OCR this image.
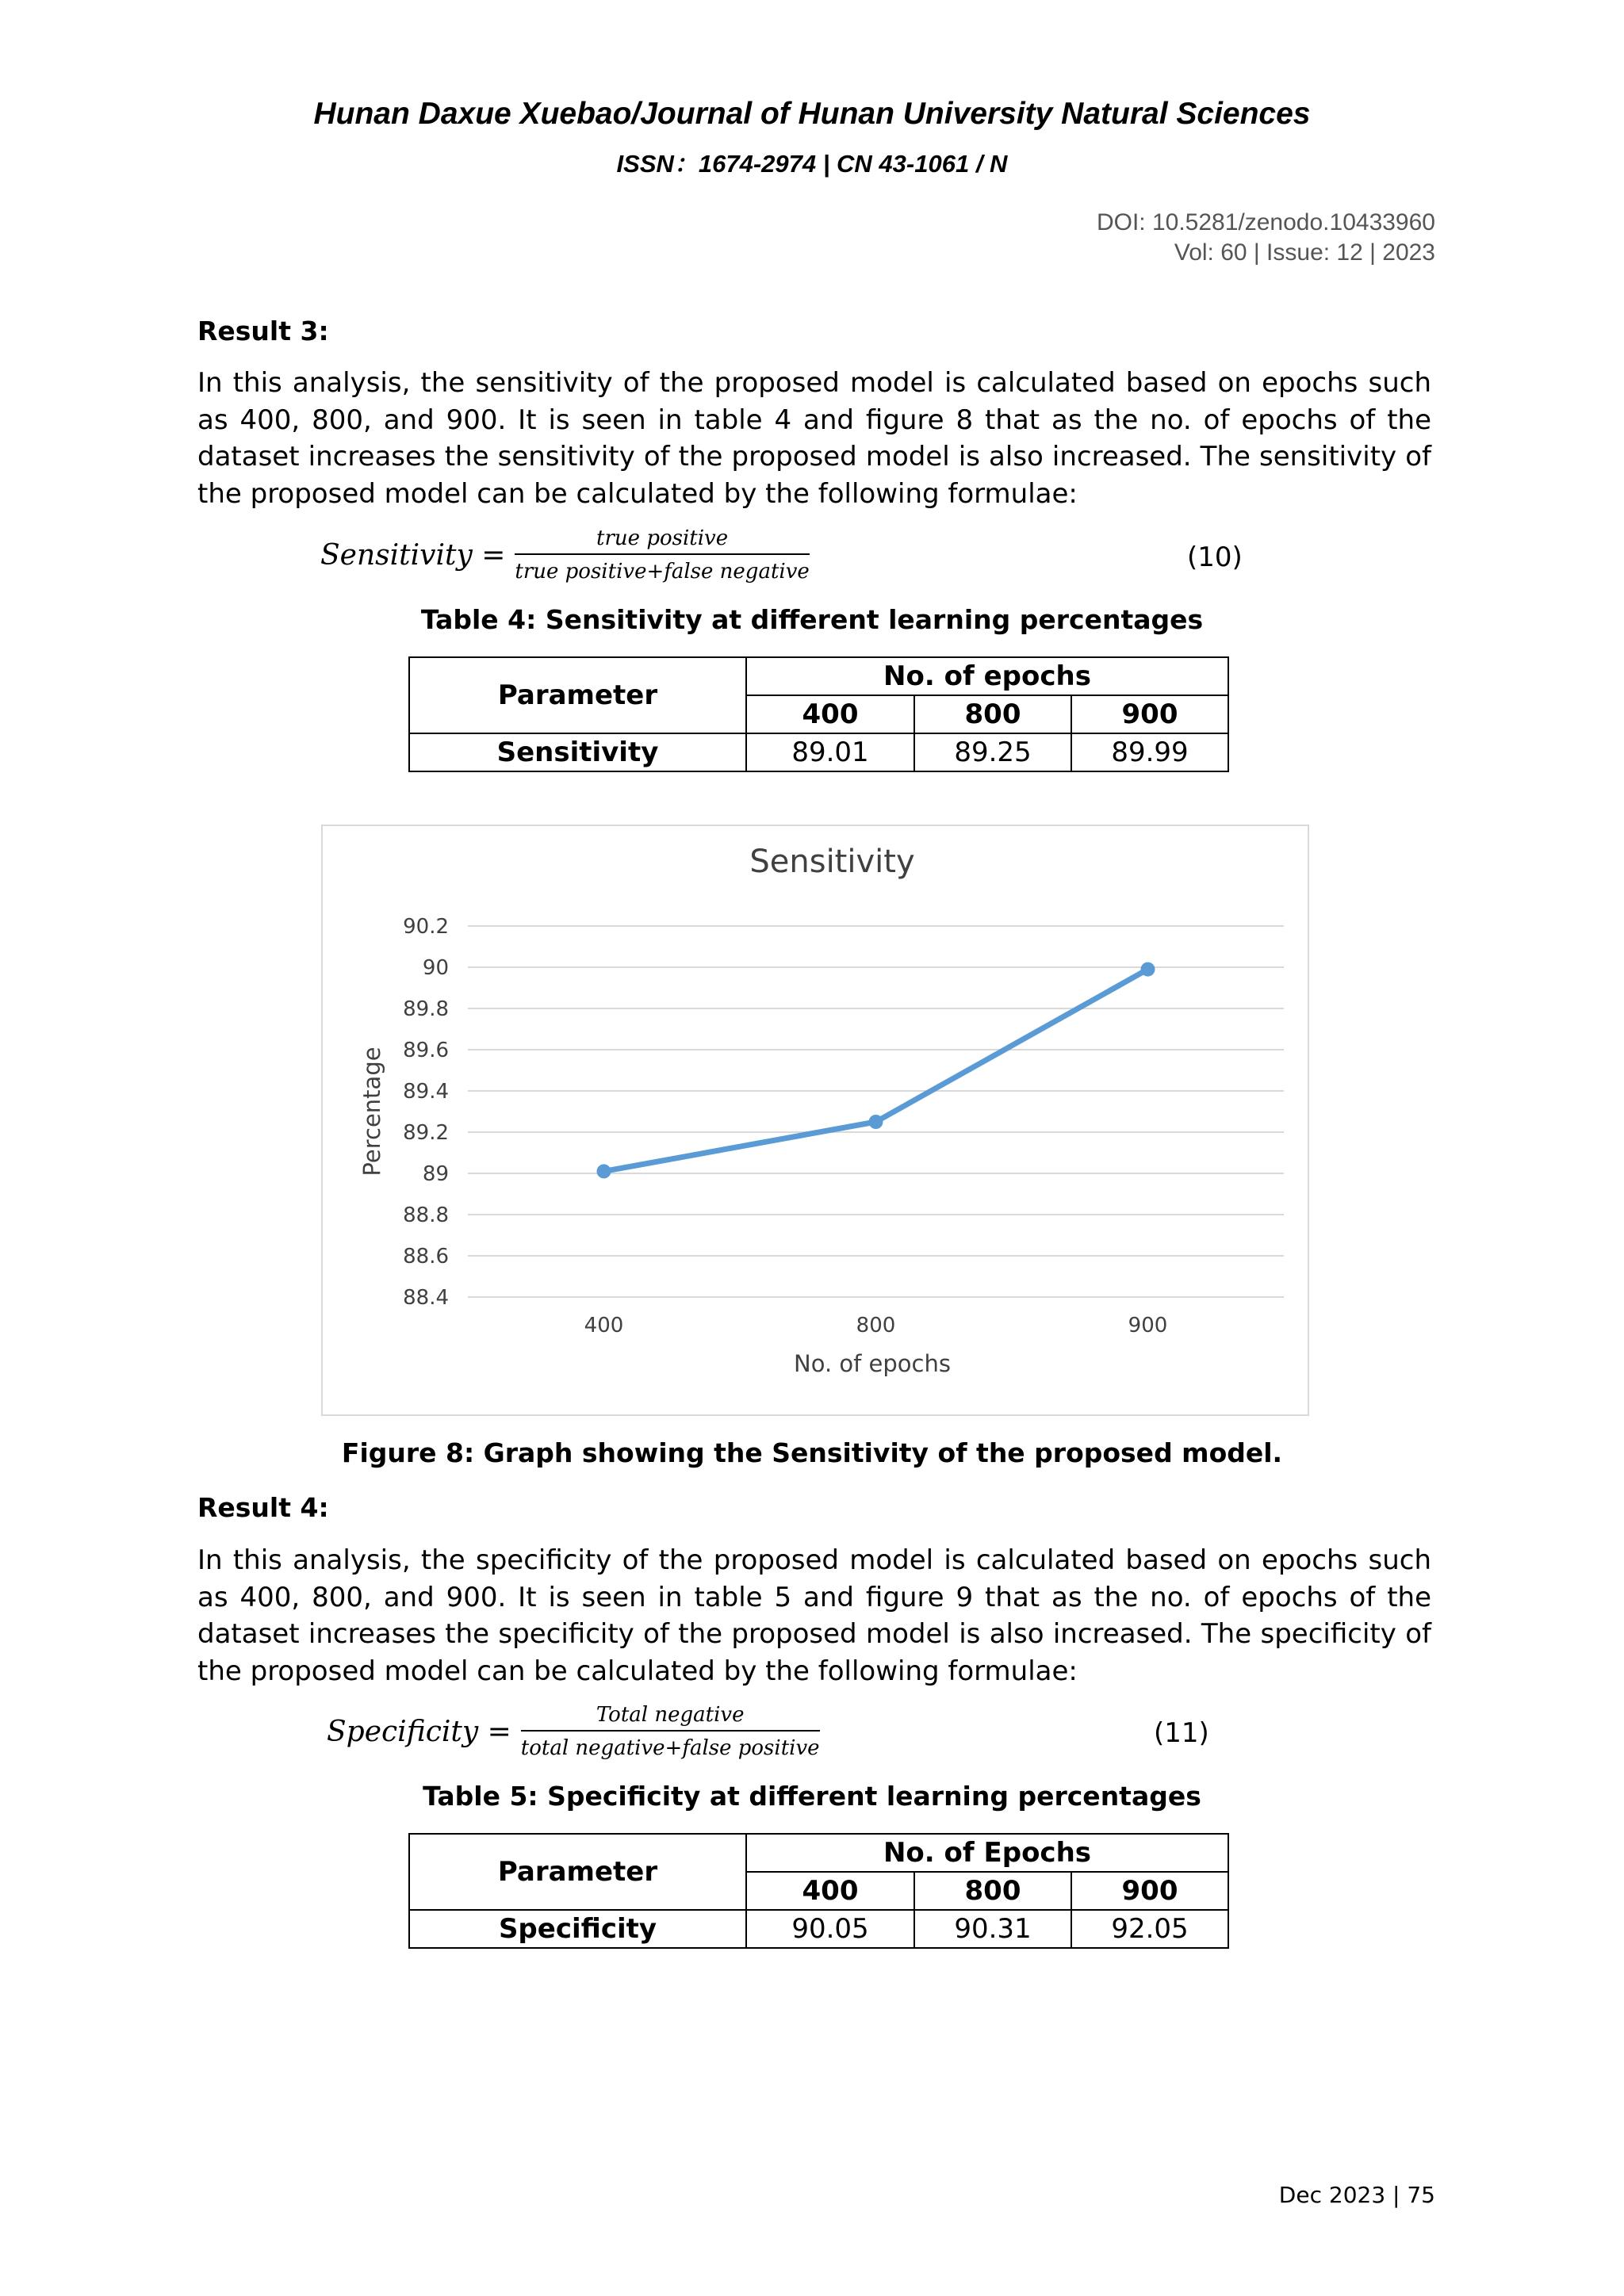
Hunan Daxue Xuebao/Journal of Hunan University Natural Sciences
ISSN：1674-2974 | CN 43-1061 / N
DOI: 10.5281/zenodo.10433960
Vol: 60 | Issue: 12 | 2023
Result 3:
In this analysis, the sensitivity of the proposed model is calculated based on epochs such as 400, 800, and 900. It is seen in table 4 and figure 8 that as the no. of epochs of the dataset increases the sensitivity of the proposed model is also increased. The sensitivity of the proposed model can be calculated by the following formulae:
Sensitivity = $\frac{\text{true positive}}{\text{true positive+false negative}}$	(10)
Table 4: Sensitivity at different learning percentages
Parameter	No. of epochs		
	400	800	900
Sensitivity	89.01	89.25	89.99
Sensitivity
90.2
90
89.8
89.6
89.4
89.2
89
88.8
88.6
88.4
400	800	900
No. of epochs
Percentage
Figure 8: Graph showing the Sensitivity of the proposed model.
Result 4:
In this analysis, the specificity of the proposed model is calculated based on epochs such as 400, 800, and 900. It is seen in table 5 and figure 9 that as the no. of epochs of the dataset increases the specificity of the proposed model is also increased. The specificity of the proposed model can be calculated by the following formulae:
Specificity = $\frac{\text{Total negative}}{\text{total negative+false positive}}$	(11)
Table 5: Specificity at different learning percentages
Parameter	No. of Epochs		
	400	800	900
Specificity	90.05	90.31	92.05
Dec 2023 | 75
